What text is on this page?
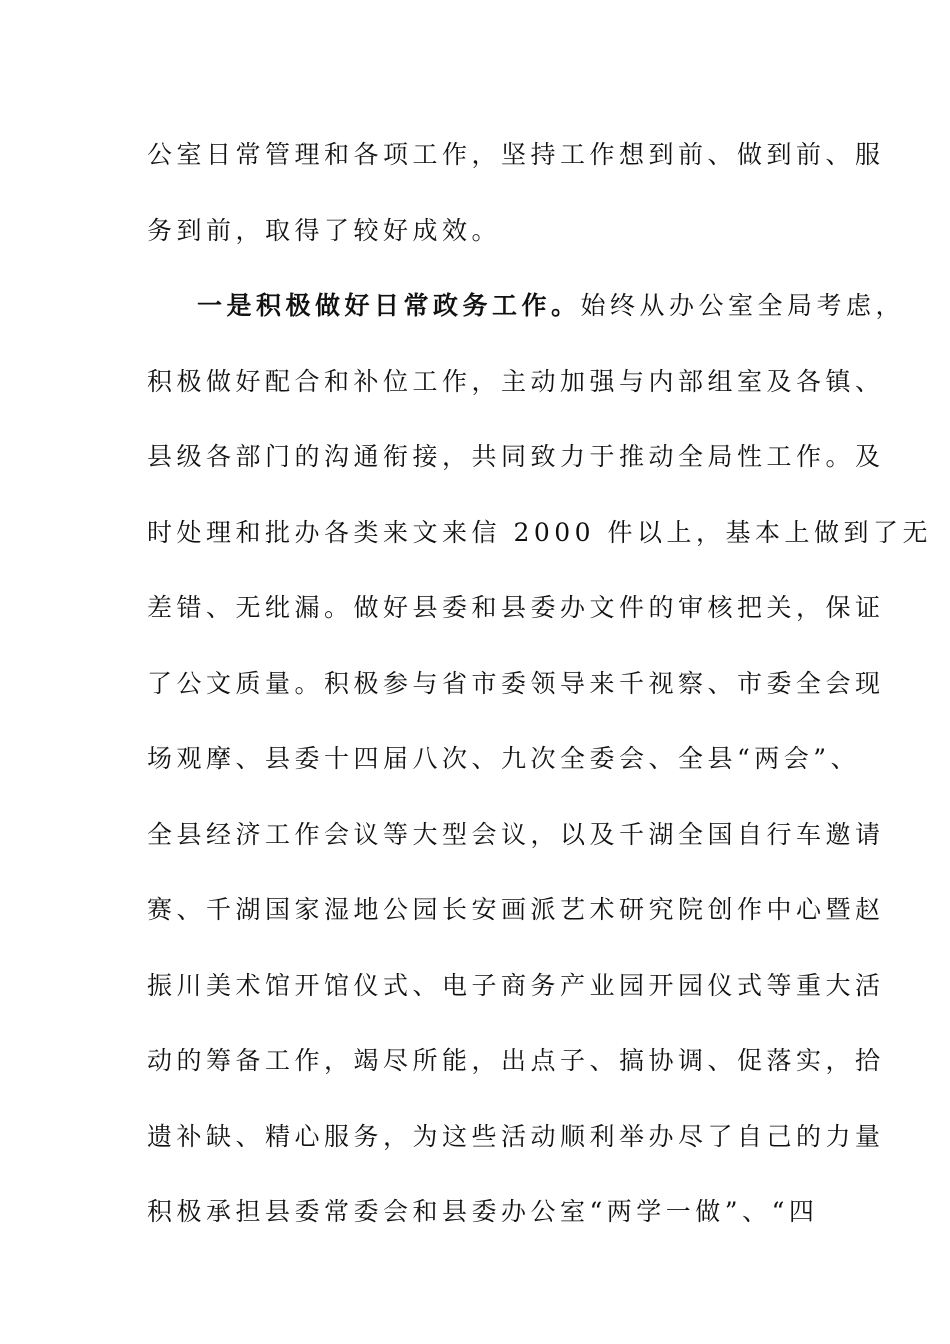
公室日常管理和各项工作，坚持工作想到前、做到前、服
务到前，取得了较好成效。
一是积极做好日常政务工作。始终从办公室全局考虑，
积极做好配合和补位工作，主动加强与内部组室及各镇、
县级各部门的沟通衔接，共同致力于推动全局性工作。及
时处理和批办各类来文来信 2000 件以上，基本上做到了无
差错、无纰漏。做好县委和县委办文件的审核把关，保证
了公文质量。积极参与省市委领导来千视察、市委全会现
场观摩、县委十四届八次、九次全委会、全县“两会”、
全县经济工作会议等大型会议，以及千湖全国自行车邀请
赛、千湖国家湿地公园长安画派艺术研究院创作中心暨赵
振川美术馆开馆仪式、电子商务产业园开园仪式等重大活
动的筹备工作，竭尽所能，出点子、搞协调、促落实，拾
遗补缺、精心服务，为这些活动顺利举办尽了自己的力量
积极承担县委常委会和县委办公室“两学一做”、“四
